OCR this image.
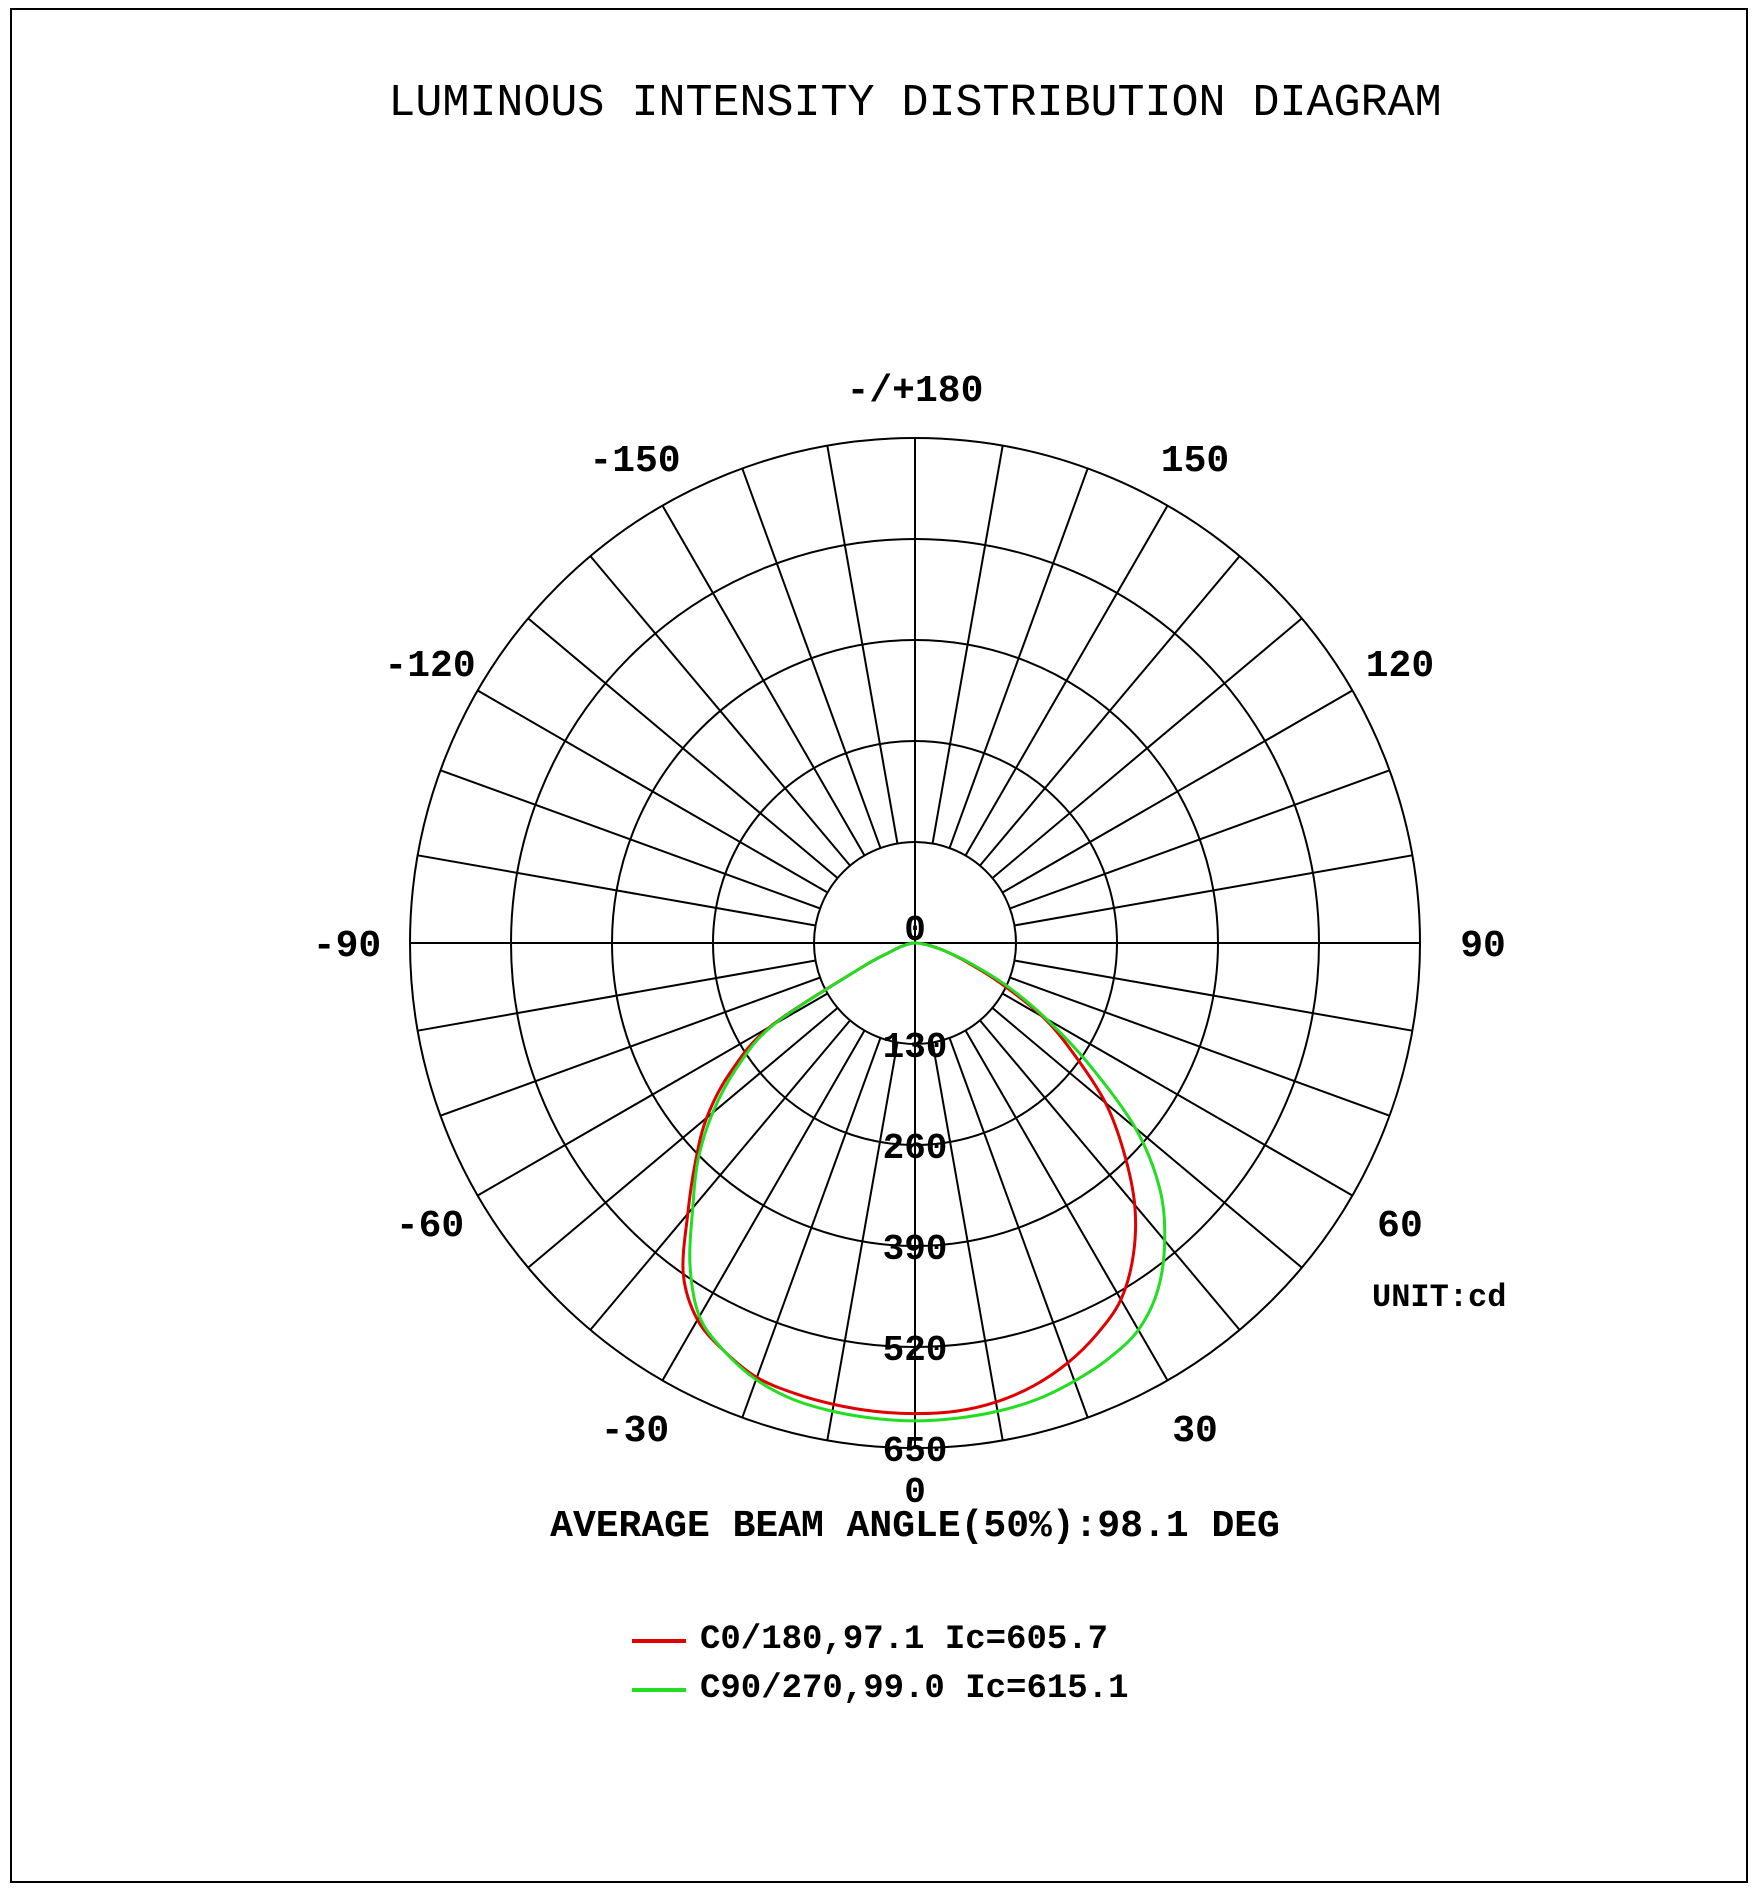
LUMINOUS INTENSITY DISTRIBUTION DIAGRAM
-/+180
150
-150
120
-120
90
-90
60
-60
30
-30
130
260
390
520
650
0
0
UNIT:cd
AVERAGE BEAM ANGLE(50%):98.1 DEG
C0/180,97.1 Ic=605.7
C90/270,99.0 Ic=615.1
